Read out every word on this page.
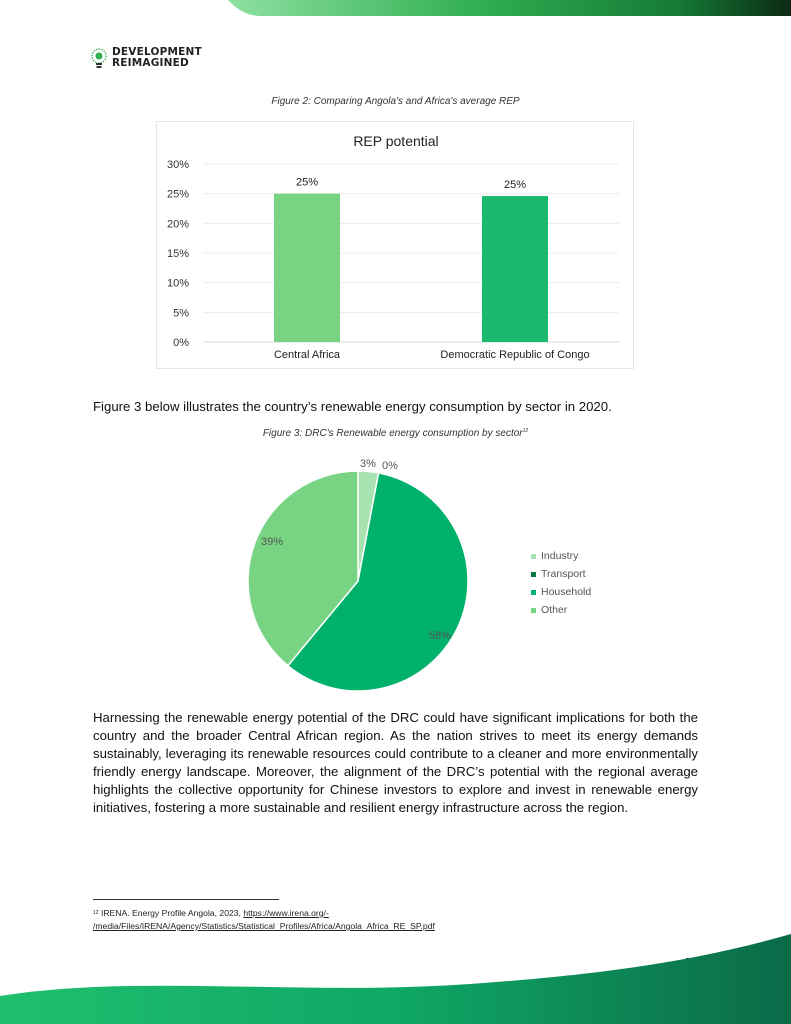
DEVELOPMENT
REIMAGINED
Figure 2: Comparing Angola's and Africa's average REP
REP potential
0%
5%
10%
15%
20%
25%
30%
25%	25%
Central Africa	Democratic Republic of Congo
Figure 3 below illustrates the country’s renewable energy consumption by sector in 2020.
Figure 3: DRC's Renewable energy consumption by sector$^{12}$
3% 0%
58%
39%
Industry
Transport
Household
Other
Harnessing the renewable energy potential of the DRC could have significant implications for both the country and the broader Central African region. As the nation strives to meet its energy demands sustainably, leveraging its renewable resources could contribute to a cleaner and more environmentally friendly energy landscape. Moreover, the alignment of the DRC’s potential with the regional average highlights the collective opportunity for Chinese investors to explore and invest in renewable energy initiatives, fostering a more sustainable and resilient energy infrastructure across the region.
$^{12}$ IRENA. Energy Profile Angola, 2023, https://www.irena.org/-
/media/Files/IRENA/Agency/Statistics/Statistical_Profiles/Africa/Angola_Africa_RE_SP.pdf
